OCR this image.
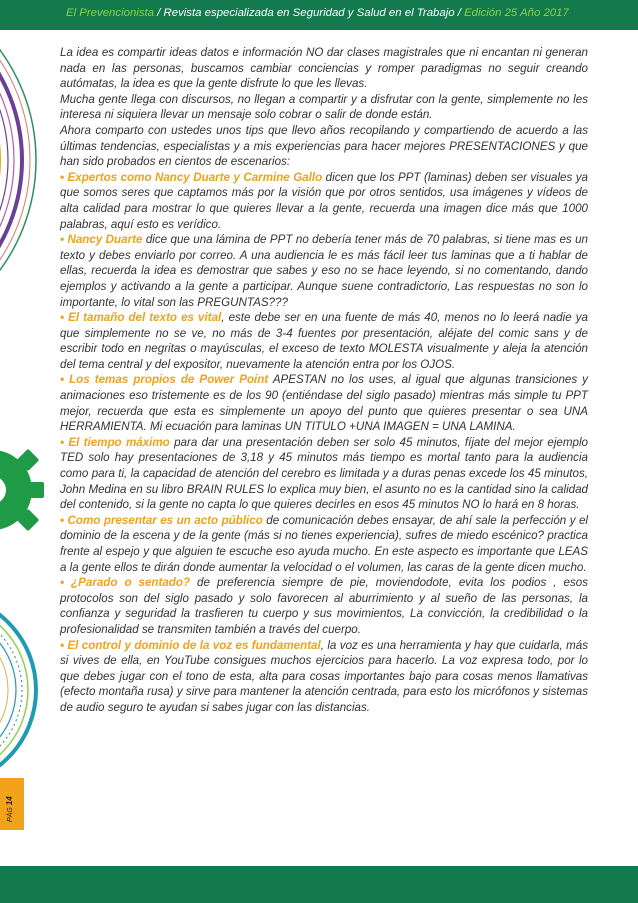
El Prevencionista / Revista especializada en Seguridad y Salud en el Trabajo / Edición 25 Año 2017
PÁG 14

La idea es compartir ideas datos e información NO dar clases magistrales que ni encantan ni generan nada en las personas, buscamos cambiar conciencias y romper paradigmas no seguir creando autómatas, la idea es que la gente disfrute lo que les llevas.

Mucha gente llega con discursos, no llegan a compartir y a disfrutar con la gente, simplemente no les interesa ni siquiera llevar un mensaje solo cobrar o salir de donde están.

Ahora comparto con ustedes unos tips que llevo años recopilando y compartiendo de acuerdo a las últimas tendencias, especialistas y a mis experiencias para hacer mejores PRESENTACIONES y que han sido probados en cientos de escenarios:

• Expertos como Nancy Duarte y Carmine Gallo dicen que los PPT (laminas) deben ser visuales ya que somos seres que captamos más por la visión que por otros sentidos, usa imágenes y vídeos de alta calidad para mostrar lo que quieres llevar a la gente, recuerda una imagen dice más que 1000 palabras, aquí esto es verídico.

• Nancy Duarte dice que una lámina de PPT no debería tener más de 70 palabras, si tiene mas es un texto y debes enviarlo por correo. A una audiencia le es más fácil leer tus laminas que a ti hablar de ellas, recuerda la idea es demostrar que sabes y eso no se hace leyendo, si no comentando, dando ejemplos y activando a la gente a participar. Aunque suene contradictorio, Las respuestas no son lo importante, lo vital son las PREGUNTAS???

• El tamaño del texto es vital, este debe ser en una fuente de más 40, menos no lo leerá nadie ya que simplemente no se ve, no más de 3-4 fuentes por presentación, aléjate del comic sans y de escribir todo en negritas o mayúsculas, el exceso de texto MOLESTA visualmente y aleja la atención del tema central y del expositor, nuevamente la atención entra por los OJOS.

• Los temas propios de Power Point APESTAN no los uses, al igual que algunas transiciones y animaciones eso tristemente es de los 90 (entiéndase del siglo pasado) mientras más simple tu PPT mejor, recuerda que esta es simplemente un apoyo del punto que quieres presentar o sea UNA HERRAMIENTA. Mi ecuación para laminas UN TITULO +UNA IMAGEN = UNA LAMINA.

• El tiempo máximo para dar una presentación deben ser solo 45 minutos, fíjate del mejor ejemplo TED solo hay presentaciones de 3,18 y 45 minutos más tiempo es mortal tanto para la audiencia como para ti, la capacidad de atención del cerebro es limitada y a duras penas excede los 45 minutos, John Medina en su libro BRAIN RULES lo explica muy bien, el asunto no es la cantidad sino la calidad del contenido, si la gente no capta lo que quieres decirles en esos 45 minutos NO lo hará en 8 horas.

• Como presentar es un acto público de comunicación debes ensayar, de ahí sale la perfección y el dominio de la escena y de la gente (más si no tienes experiencia), sufres de miedo escénico? practica frente al espejo y que alguien te escuche eso ayuda mucho. En este aspecto es importante que LEAS a la gente ellos te dirán donde aumentar la velocidad o el volumen, las caras de la gente dicen mucho.

• ¿Parado o sentado? de preferencia siempre de pie, moviendodote, evita los podios , esos protocolos son del siglo pasado y solo favorecen al aburrimiento y al sueño de las personas, la confianza y seguridad la trasfieren tu cuerpo y sus movimientos, La convicción, la credibilidad o la profesionalidad se transmiten también a través del cuerpo.

• El control y dominio de la voz es fundamental, la voz es una herramienta y hay que cuidarla, más si vives de ella, en YouTube consigues muchos ejercicios para hacerlo. La voz expresa todo, por lo que debes jugar con el tono de esta, alta para cosas importantes bajo para cosas menos llamativas (efecto montaña rusa) y sirve para mantener la atención centrada, para esto los micrófonos y sistemas de audio seguro te ayudan si sabes jugar con las distancias.
